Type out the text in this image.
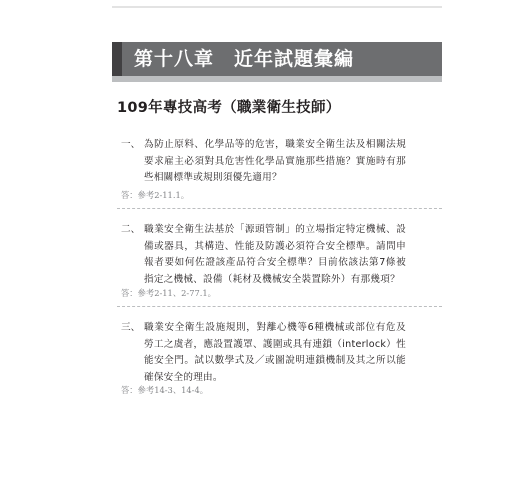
第十八章　近年試題彙編
109年專技高考（職業衛生技師）
一、 為防止原料、化學品等的危害，職業安全衛生法及相關法規要求雇主必須對具危害性化學品實施那些措施？實施時有那些相關標準或規則須優先適用？
答：參考2-11.1。
二、 職業安全衛生法基於「源頭管制」的立場指定特定機械、設備或器具，其構造、性能及防護必須符合安全標準。請問申報者要如何佐證該產品符合安全標準？目前依該法第7條被指定之機械、設備（耗材及機械安全裝置除外）有那幾項？
答：參考2-11、2-77.1。
三、 職業安全衛生設施規則，對離心機等6種機械或部位有危及勞工之虞者，應設置護罩、護圍或具有連鎖（interlock）性能安全門。試以數學式及／或圖說明連鎖機制及其之所以能確保安全的理由。
答：參考14-3、14-4。
